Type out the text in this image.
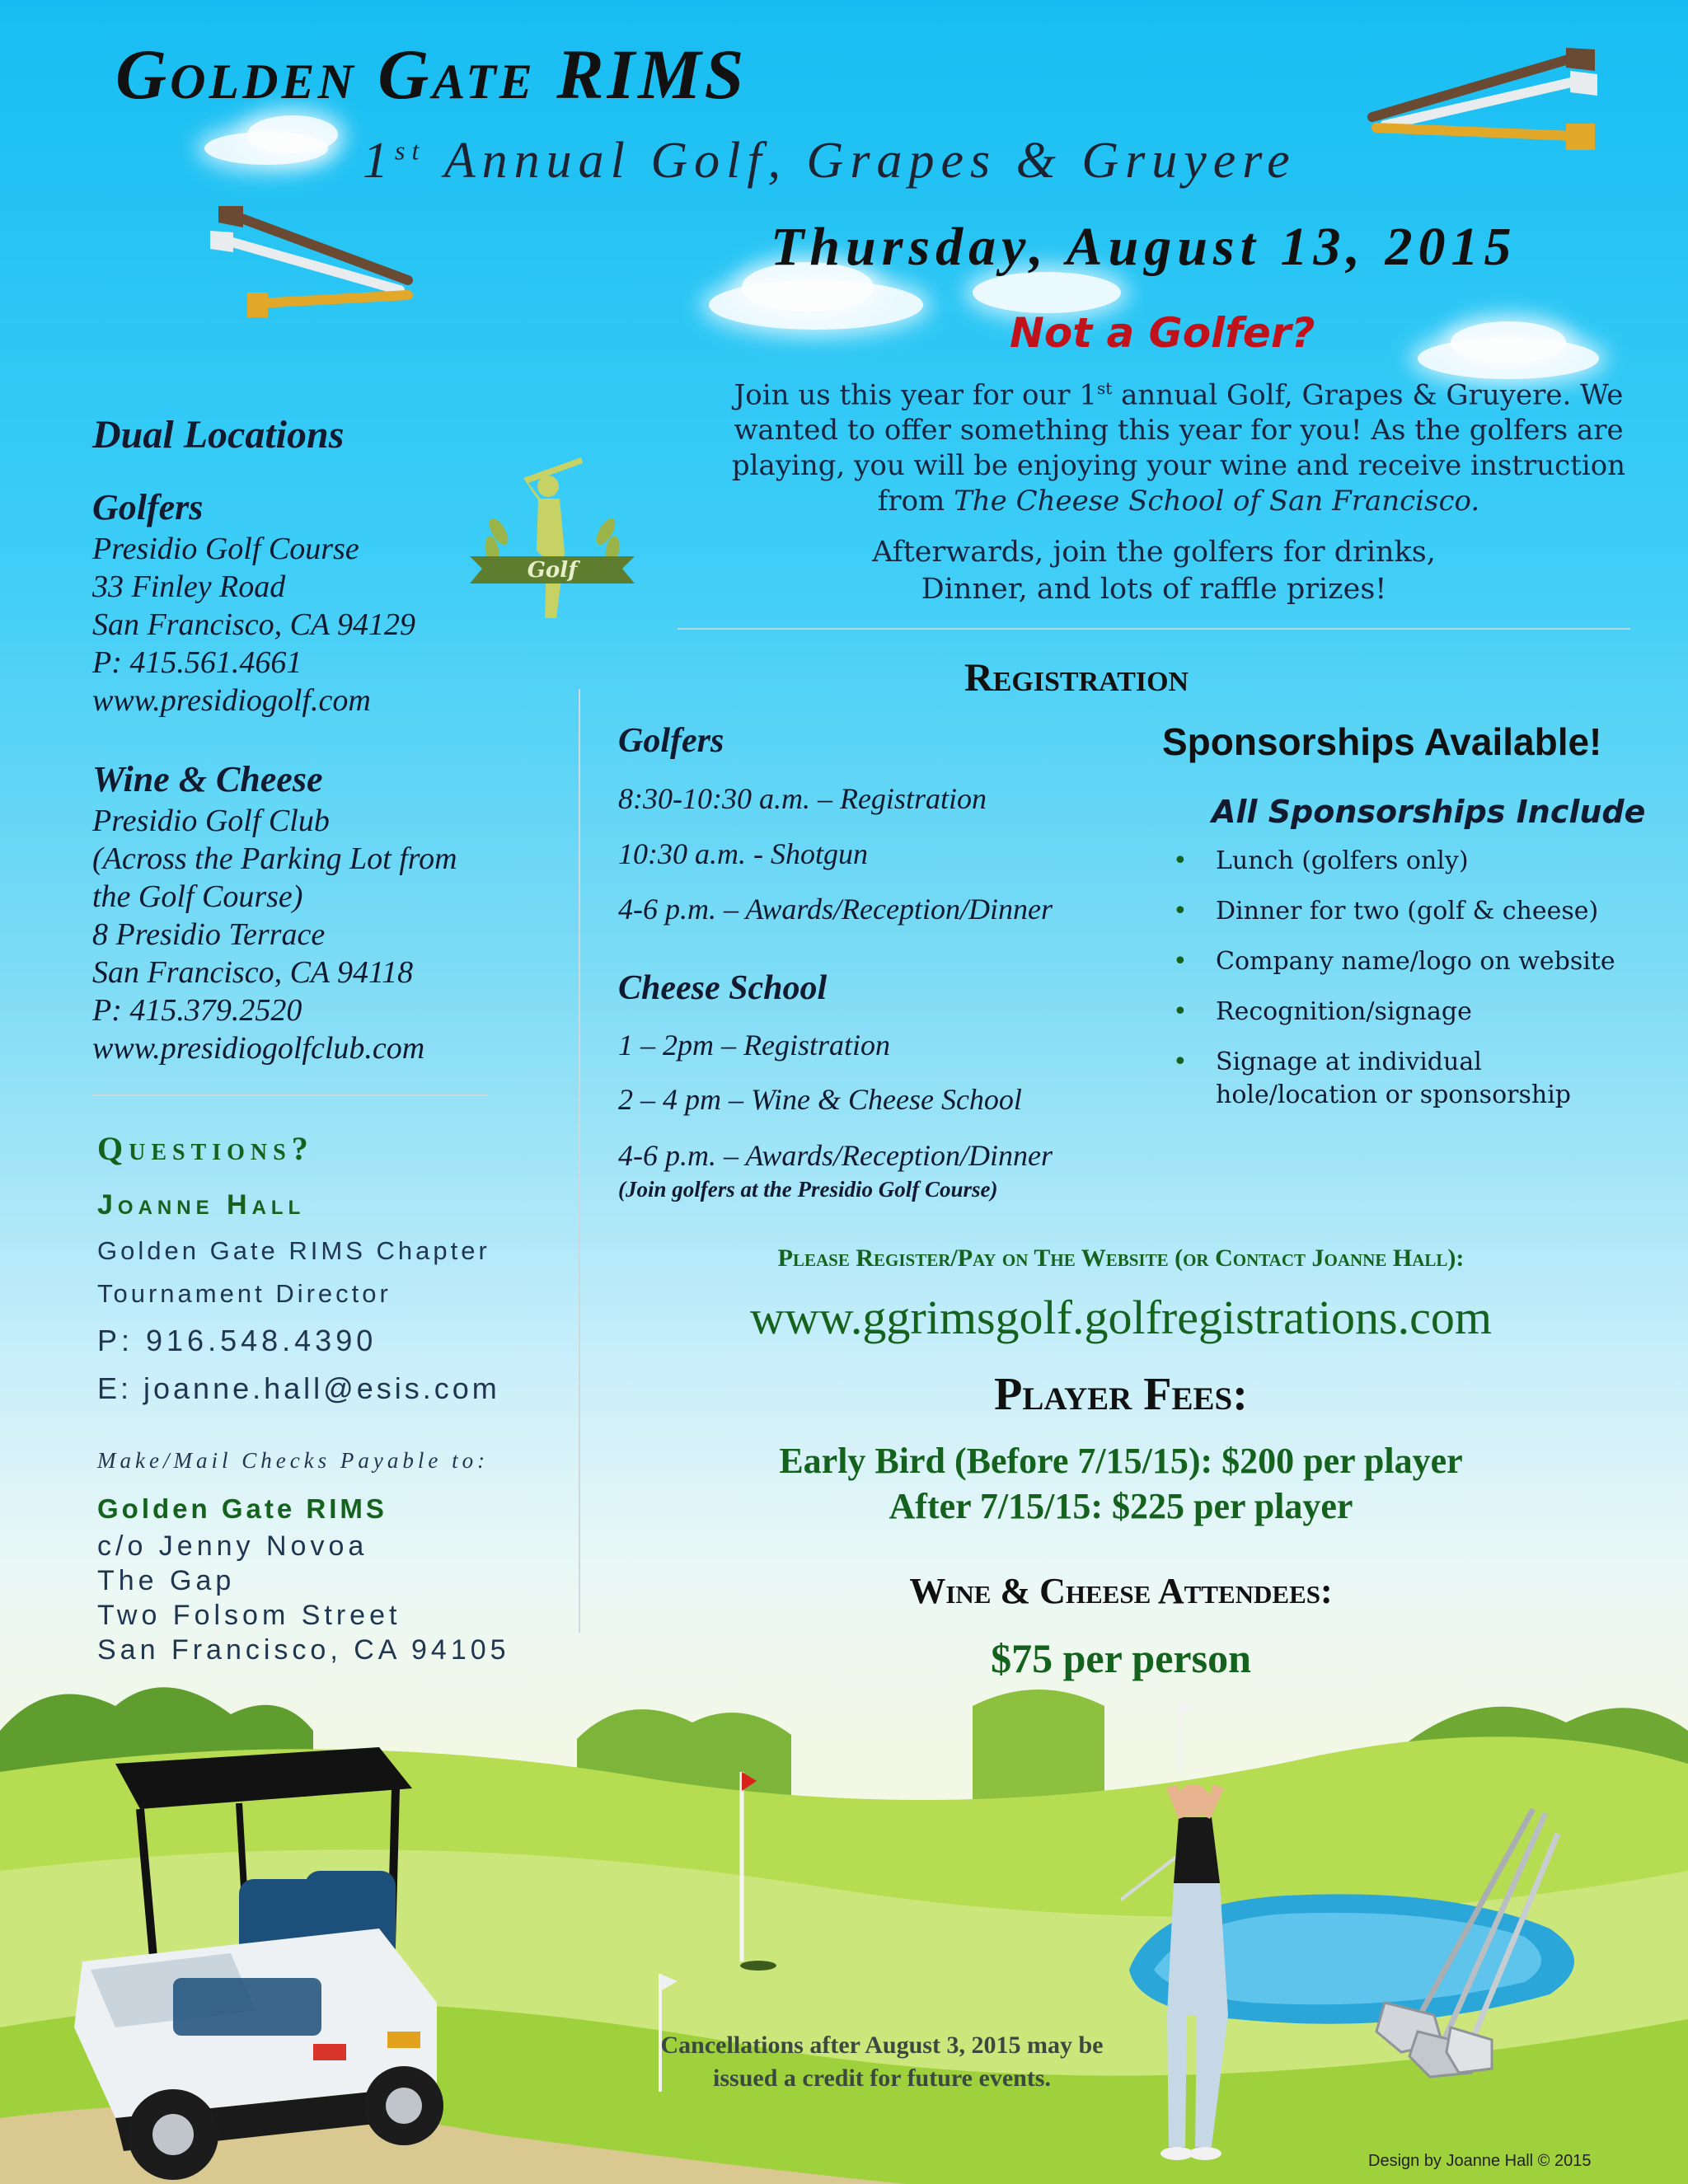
Golden Gate RIMS
1st Annual Golf, Grapes & Gruyere
Thursday, August 13, 2015
Not a Golfer?
Join us this year for our 1st annual Golf, Grapes & Gruyere. We wanted to offer something this year for you! As the golfers are playing, you will be enjoying your wine and receive instruction from The Cheese School of San Francisco.
Afterwards, join the golfers for drinks,
Dinner, and lots of raffle prizes!
Golf
Dual Locations
Golfers
Presidio Golf Course
33 Finley Road
San Francisco, CA 94129
P: 415.561.4661
www.presidiogolf.com
Wine & Cheese
Presidio Golf Club
(Across the Parking Lot from
the Golf Course)
8 Presidio Terrace
San Francisco, CA 94118
P: 415.379.2520
www.presidiogolfclub.com
Questions?
Joanne Hall
Golden Gate RIMS Chapter
Tournament Director
P: 916.548.4390
E: joanne.hall@esis.com
Make/Mail Checks Payable to:
Golden Gate RIMS
c/o Jenny Novoa
The Gap
Two Folsom Street
San Francisco, CA 94105
Registration
Golfers
8:30-10:30 a.m. – Registration
10:30 a.m. - Shotgun
4-6 p.m. – Awards/Reception/Dinner
Cheese School
1 – 2pm – Registration
2 – 4 pm – Wine & Cheese School
4-6 p.m. – Awards/Reception/Dinner
(Join golfers at the Presidio Golf Course)
Sponsorships Available!
All Sponsorships Include
• Lunch (golfers only)
• Dinner for two (golf & cheese)
• Company name/logo on website
• Recognition/signage
• Signage at individual hole/location or sponsorship
Please Register/Pay on The Website (or Contact Joanne Hall):
www.ggrimsgolf.golfregistrations.com
Player Fees:
Early Bird (Before 7/15/15): $200 per player
After 7/15/15: $225 per player
Wine & Cheese Attendees:
$75 per person
Cancellations after August 3, 2015 may be
issued a credit for future events.
Design by Joanne Hall © 2015
